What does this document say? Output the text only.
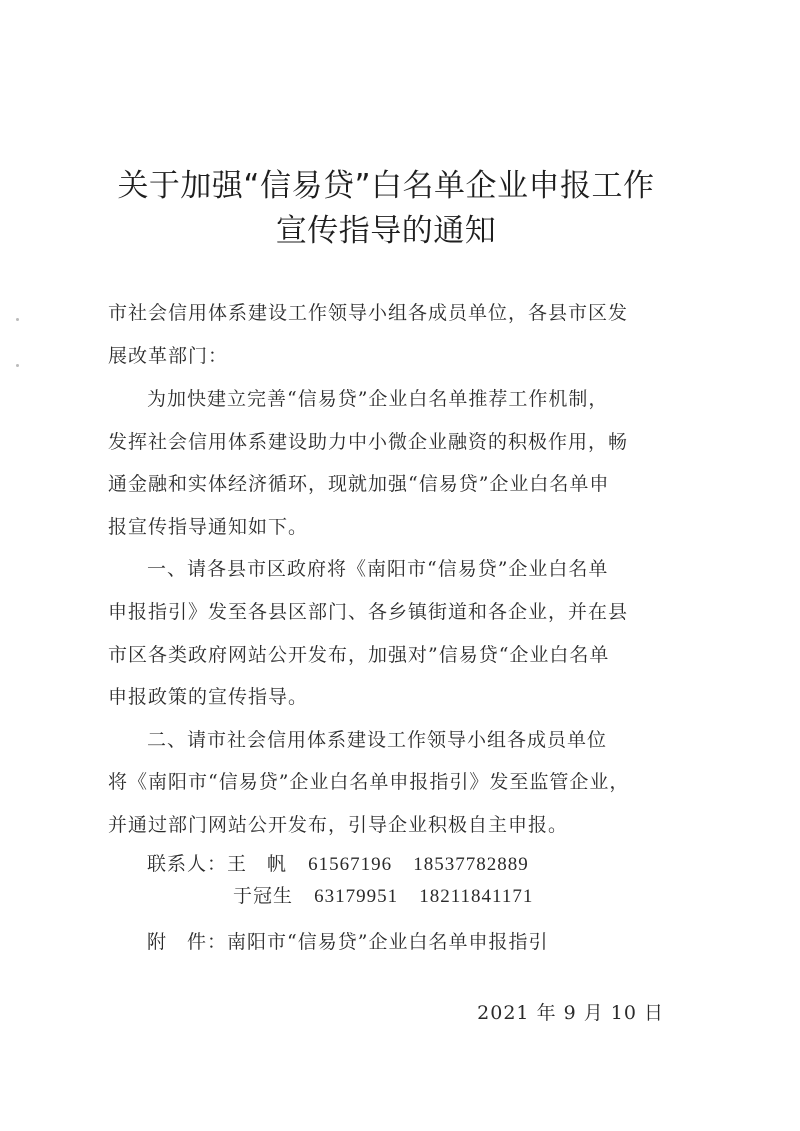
关于加强“信易贷”白名单企业申报工作
宣传指导的通知
市社会信用体系建设工作领导小组各成员单位，各县市区发
展改革部门：
为加快建立完善“信易贷”企业白名单推荐工作机制，
发挥社会信用体系建设助力中小微企业融资的积极作用，畅
通金融和实体经济循环，现就加强“信易贷”企业白名单申
报宣传指导通知如下。
一、请各县市区政府将《南阳市“信易贷”企业白名单
申报指引》发至各县区部门、各乡镇街道和各企业，并在县
市区各类政府网站公开发布，加强对”信易贷“企业白名单
申报政策的宣传指导。
二、请市社会信用体系建设工作领导小组各成员单位
将《南阳市“信易贷”企业白名单申报指引》发至监管企业，
并通过部门网站公开发布，引导企业积极自主申报。
联系人：王　帆 61567196 18537782889
于冠生 63179951 18211841171
附　件：南阳市“信易贷”企业白名单申报指引
2021 年 9 月 10 日
